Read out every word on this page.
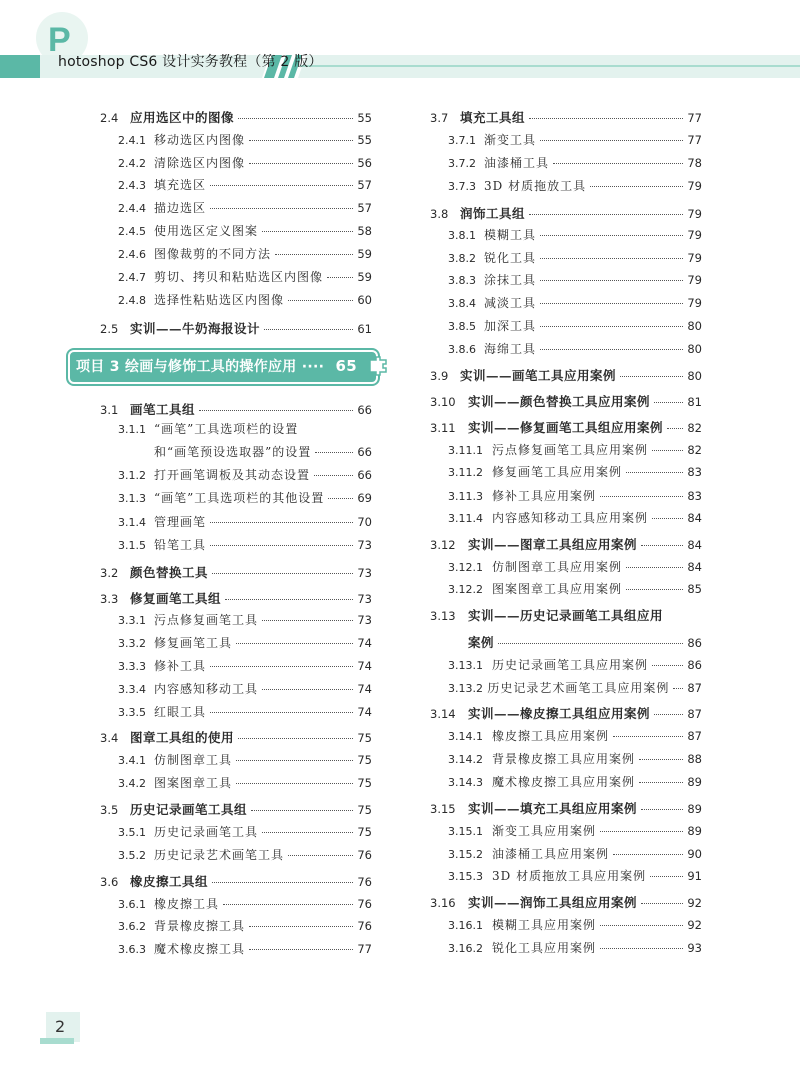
P
hotoshop CS6 设计实务教程（第 2 版）
2.4 应用选区中的图像	55
2.4.1 移动选区内图像	55
2.4.2 清除选区内图像	56
2.4.3 填充选区	57
2.4.4 描边选区	57
2.4.5 使用选区定义图案	58
2.4.6 图像裁剪的不同方法	59
2.4.7 剪切、拷贝和粘贴选区内图像	59
2.4.8 选择性粘贴选区内图像	60
2.5 实训——牛奶海报设计	61
3.1 画笔工具组	66
3.1.1 “画笔”工具选项栏的设置
和“画笔预设选取器”的设置	66
3.1.2 打开画笔调板及其动态设置	66
3.1.3 “画笔”工具选项栏的其他设置	69
3.1.4 管理画笔	70
3.1.5 铅笔工具	73
3.2 颜色替换工具	73
3.3 修复画笔工具组	73
3.3.1 污点修复画笔工具	73
3.3.2 修复画笔工具	74
3.3.3 修补工具	74
3.3.4 内容感知移动工具	74
3.3.5 红眼工具	74
3.4 图章工具组的使用	75
3.4.1 仿制图章工具	75
3.4.2 图案图章工具	75
3.5 历史记录画笔工具组	75
3.5.1 历史记录画笔工具	75
3.5.2 历史记录艺术画笔工具	76
3.6 橡皮擦工具组	76
3.6.1 橡皮擦工具	76
3.6.2 背景橡皮擦工具	76
3.6.3 魔术橡皮擦工具	77
项目 3 绘画与修饰工具的操作应用 ···· 65
3.7 填充工具组	77
3.7.1 渐变工具	77
3.7.2 油漆桶工具	78
3.7.3 3D 材质拖放工具	79
3.8 润饰工具组	79
3.8.1 模糊工具	79
3.8.2 锐化工具	79
3.8.3 涂抹工具	79
3.8.4 减淡工具	79
3.8.5 加深工具	80
3.8.6 海绵工具	80
3.9 实训——画笔工具应用案例	80
3.10 实训——颜色替换工具应用案例	81
3.11 实训——修复画笔工具组应用案例 82
3.11.1 污点修复画笔工具应用案例	82
3.11.2 修复画笔工具应用案例	83
3.11.3 修补工具应用案例	83
3.11.4 内容感知移动工具应用案例	84
3.12 实训——图章工具组应用案例	84
3.12.1 仿制图章工具应用案例	84
3.12.2 图案图章工具应用案例	85
3.13 实训——历史记录画笔工具组应用
案例	86
3.13.1 历史记录画笔工具应用案例	86
3.13.2 历史记录艺术画笔工具应用案例 87
3.14 实训——橡皮擦工具组应用案例	87
3.14.1 橡皮擦工具应用案例	87
3.14.2 背景橡皮擦工具应用案例	88
3.14.3 魔术橡皮擦工具应用案例	89
3.15 实训——填充工具组应用案例	89
3.15.1 渐变工具应用案例	89
3.15.2 油漆桶工具应用案例	90
3.15.3 3D 材质拖放工具应用案例	91
3.16 实训——润饰工具组应用案例	92
3.16.1 模糊工具应用案例	92
3.16.2 锐化工具应用案例	93
2
